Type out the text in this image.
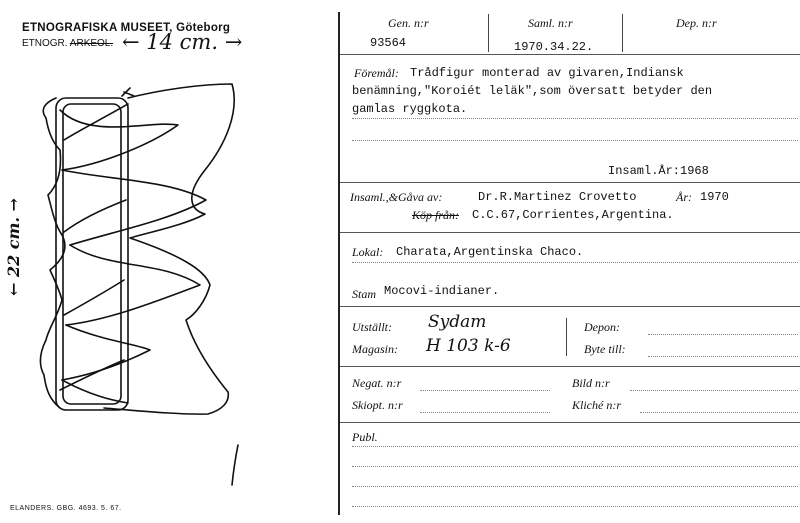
ETNOGRAFISKA MUSEET, Göteborg
ETNOGR. ARKEOL. ← 14 cm. →
← 22 cm. →
ELANDERS. GBG. 4693. 5. 67.
Gen. n:r	Saml. n:r	Dep. n:r
93564	1970.34.22.
Föremål: Trådfigur monterad av givaren,Indiansk
benämning,"Koroiét leläk",som översatt betyder den
gamlas ryggkota.
Insaml.År:1968
Insaml.,&Gåva av:	Dr.R.Martinez Crovetto	År: 1970
Köp från: C.C.67,Corrientes,Argentina.
Lokal: Charata,Argentinska Chaco.
Stam Mocovi-indianer.
Utställt: Sydam
Magasin: H 103 k-6
Depon:
Byte till:
Negat. n:r	Bild n:r
Skiopt. n:r	Kliché n:r
Publ.
